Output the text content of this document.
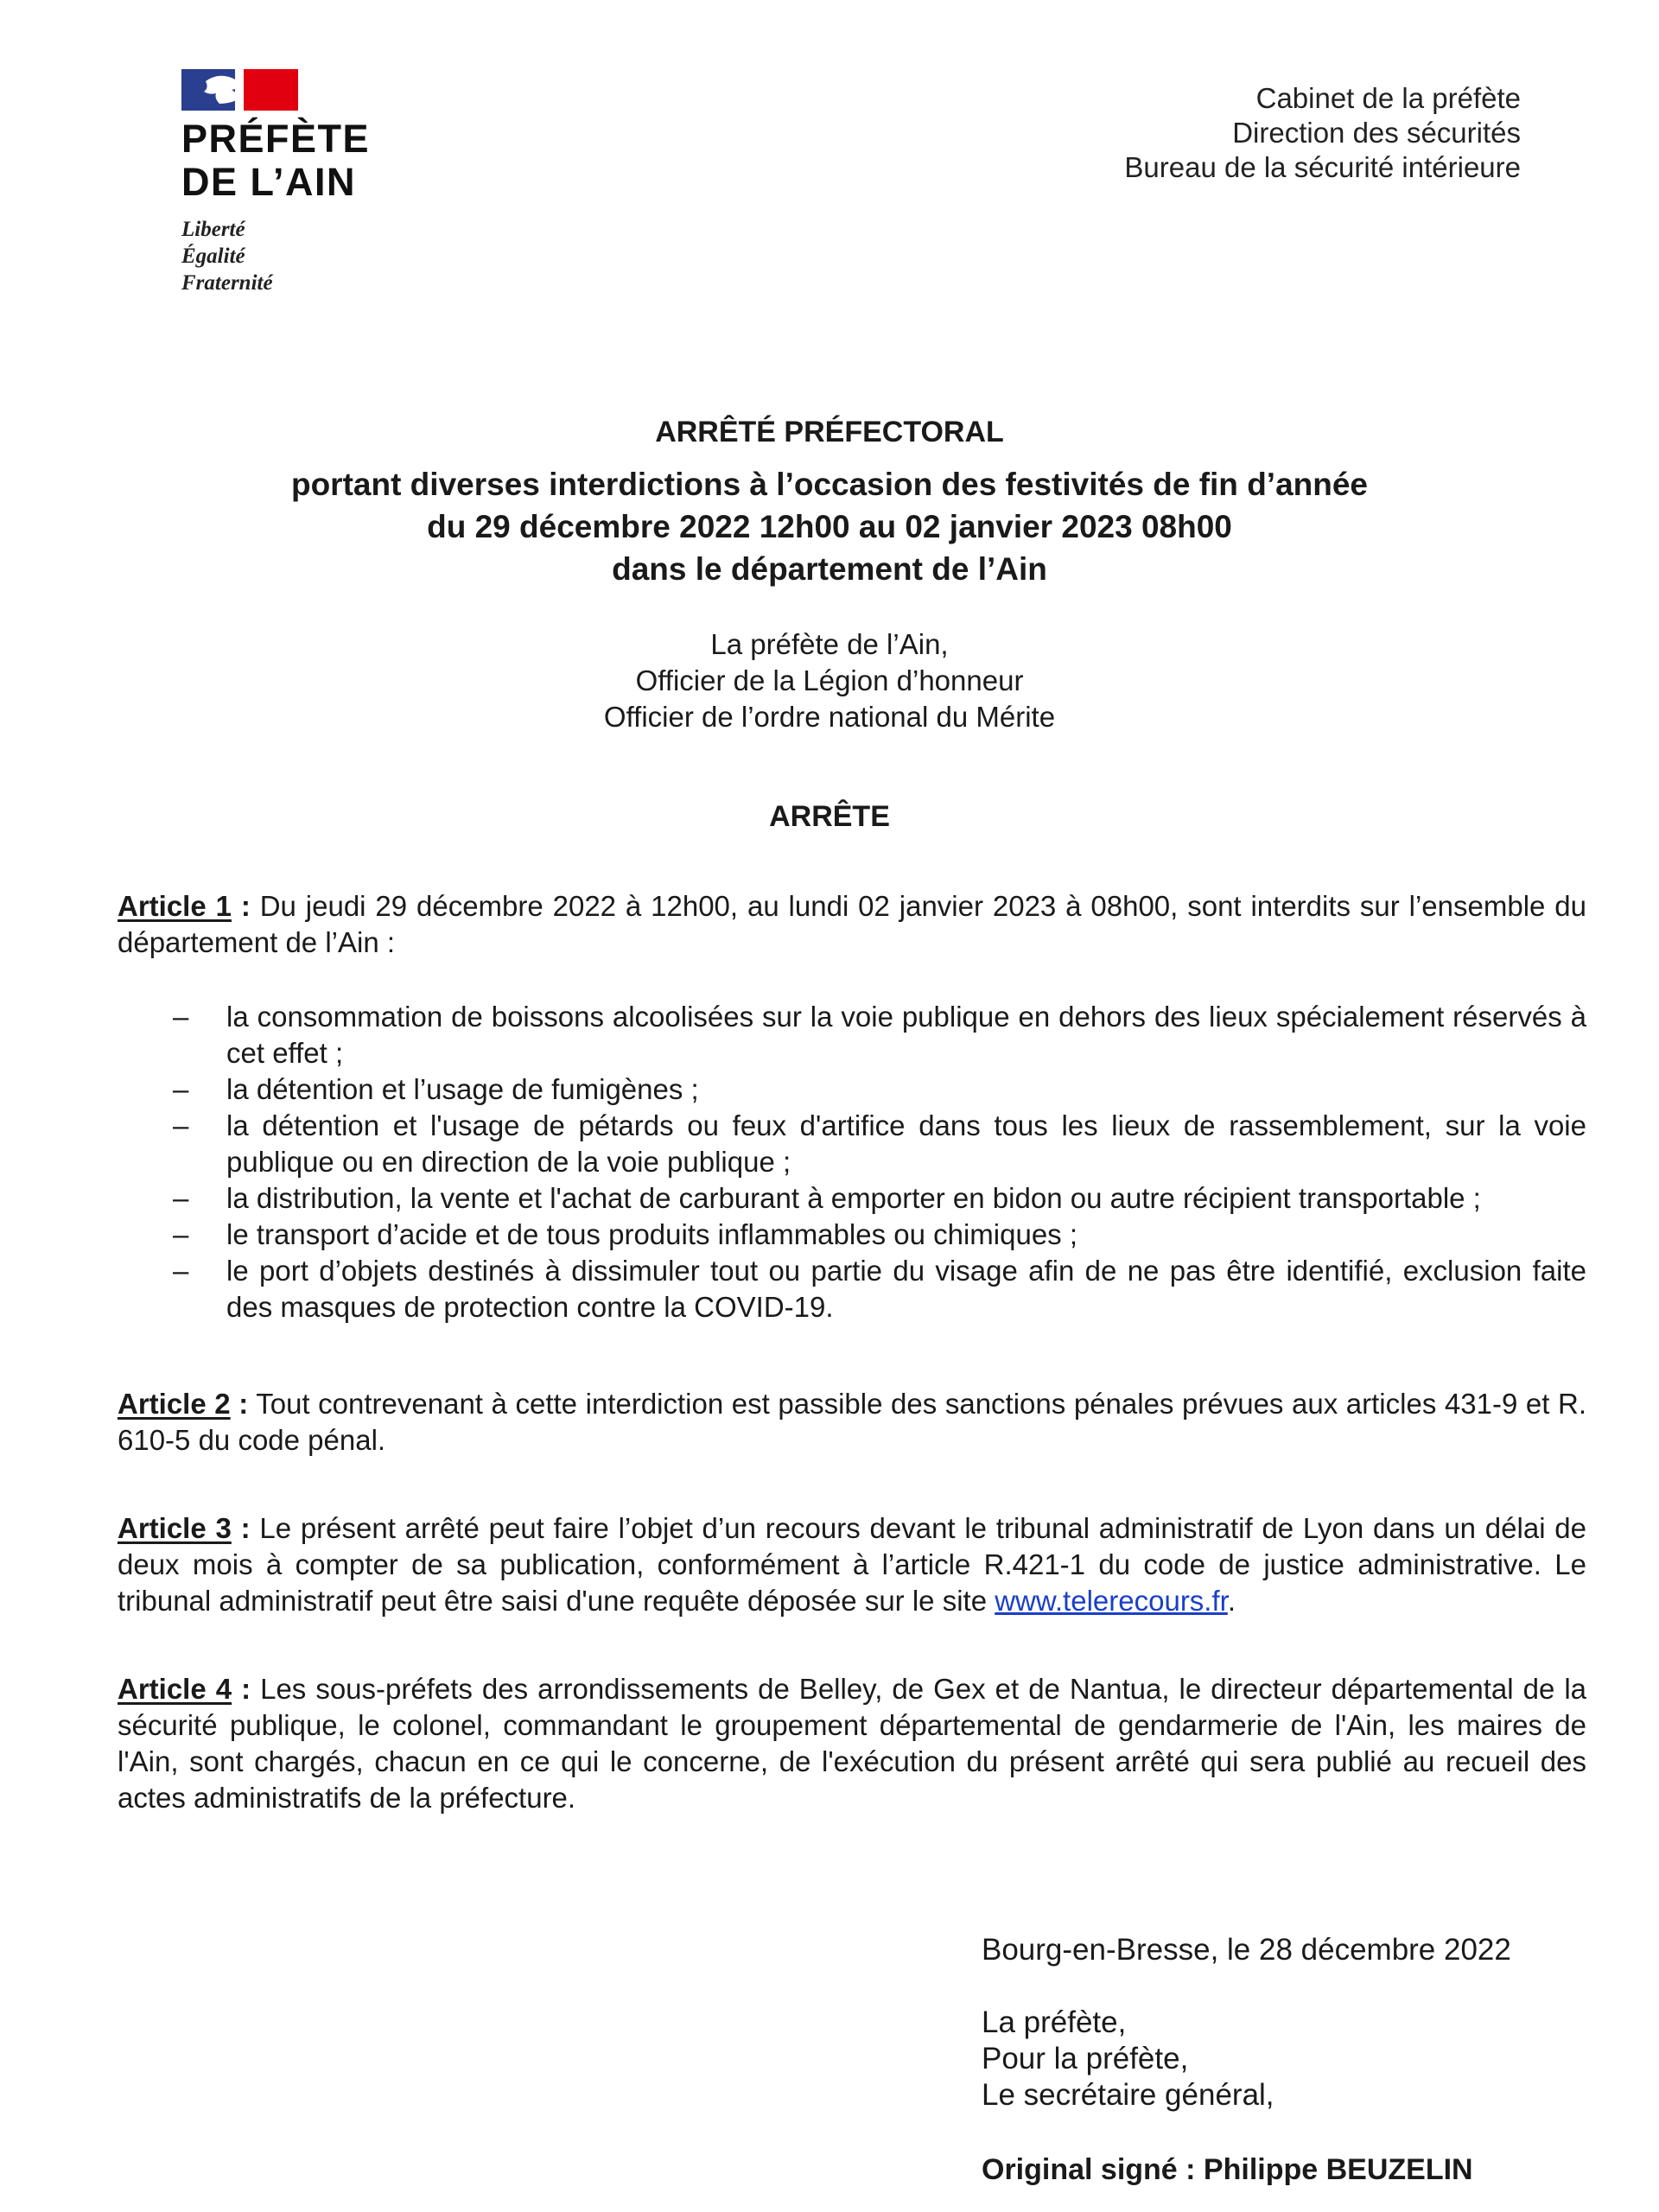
PRÉFÈTE
DE L’AIN
Liberté
Égalité
Fraternité
Cabinet de la préfète
Direction des sécurités
Bureau de la sécurité intérieure
ARRÊTÉ PRÉFECTORAL
portant diverses interdictions à l’occasion des festivités de fin d’année
du 29 décembre 2022 12h00 au 02 janvier 2023 08h00
dans le département de l’Ain
La préfète de l’Ain,
Officier de la Légion d’honneur
Officier de l’ordre national du Mérite
ARRÊTE

Article 1 : Du jeudi 29 décembre 2022 à 12h00, au lundi 02 janvier 2023 à 08h00, sont interdits sur l’ensemble du département de l’Ain :

– la consommation de boissons alcoolisées sur la voie publique en dehors des lieux spécialement réservés à cet effet ;
– la détention et l’usage de fumigènes ;
– la détention et l'usage de pétards ou feux d'artifice dans tous les lieux de rassemblement, sur la voie publique ou en direction de la voie publique ;
– la distribution, la vente et l'achat de carburant à emporter en bidon ou autre récipient transportable ;
– le transport d’acide et de tous produits inflammables ou chimiques ;
– le port d’objets destinés à dissimuler tout ou partie du visage afin de ne pas être identifié, exclusion faite des masques de protection contre la COVID-19.

Article 2 : Tout contrevenant à cette interdiction est passible des sanctions pénales prévues aux articles 431-9 et R. 610-5 du code pénal.

Article 3 : Le présent arrêté peut faire l’objet d’un recours devant le tribunal administratif de Lyon dans un délai de deux mois à compter de sa publication, conformément à l’article R.421-1 du code de justice administrative. Le tribunal administratif peut être saisi d'une requête déposée sur le site www.telerecours.fr.

Article 4 : Les sous-préfets des arrondissements de Belley, de Gex et de Nantua, le directeur départemental de la sécurité publique, le colonel, commandant le groupement départemental de gendarmerie de l'Ain, les maires de l'Ain, sont chargés, chacun en ce qui le concerne, de l'exécution du présent arrêté qui sera publié au recueil des actes administratifs de la préfecture.

Bourg-en-Bresse, le 28 décembre 2022
La préfète,
Pour la préfète,
Le secrétaire général,
Original signé : Philippe BEUZELIN
